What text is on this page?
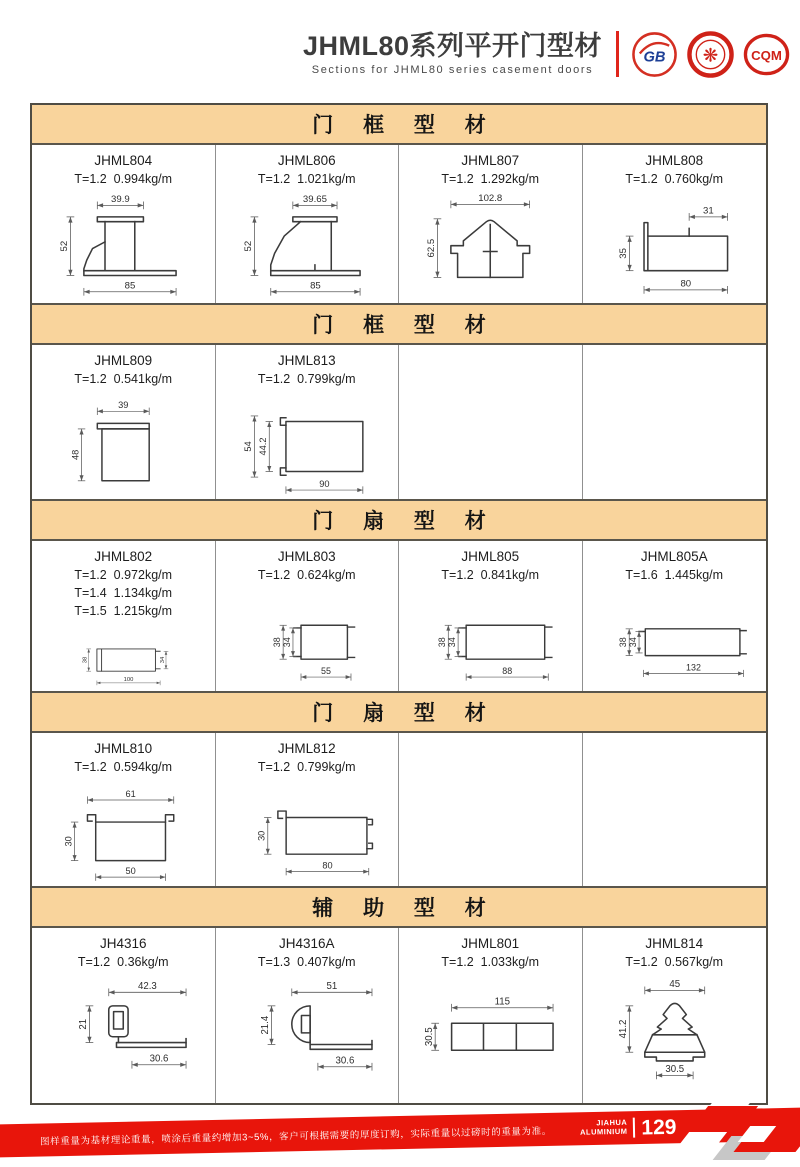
JHML80系列平开门型材
Sections for JHML80 series casement doors
GB ❋ CQM
门 框 型 材
JHML804
T=1.2  0.994kg/m
39.9
52
85
JHML806
T=1.2  1.021kg/m
39.65
52
85
JHML807
T=1.2  1.292kg/m
102.8
62.5
JHML808
T=1.2  0.760kg/m
31
35
80
门 框 型 材
JHML809
T=1.2  0.541kg/m
39
48
JHML813
T=1.2  0.799kg/m
54 44.2
90
门 扇 型 材
JHML802
T=1.2  0.972kg/m
T=1.4  1.134kg/m
T=1.5  1.215kg/m
38	34
100
JHML803
T=1.2  0.624kg/m
38 34
55
JHML805
T=1.2  0.841kg/m
38 34
88
JHML805A
T=1.6  1.445kg/m
38 34
132
门 扇 型 材
JHML810
T=1.2  0.594kg/m
61
30
50
JHML812
T=1.2  0.799kg/m
30
80
辅 助 型 材
JH4316
T=1.2  0.36kg/m
42.3
21
30.6
JH4316A
T=1.3  0.407kg/m
51
21.4
30.6
JHML801
T=1.2  1.033kg/m
115
30.5
JHML814
T=1.2  0.567kg/m
45
41.2
30.5
图样重量为基材理论重量，喷涂后重量约增加3~5%，客户可根据需要的厚度订购，实际重量以过磅时的重量为准。
JIAHUA
ALUMINIUM 129
